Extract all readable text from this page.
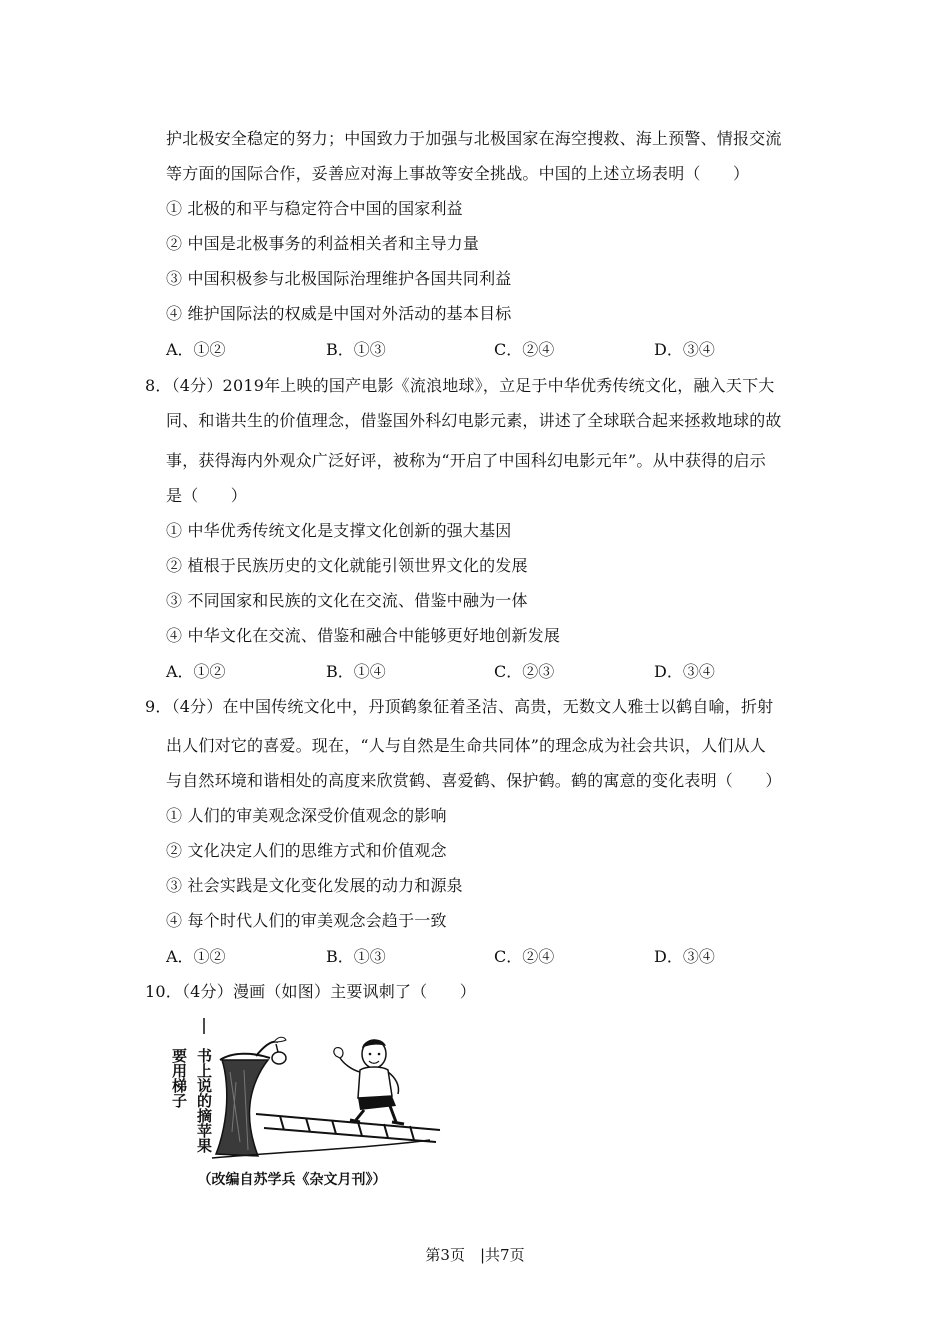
护北极安全稳定的努力；中国致力于加强与北极国家在海空搜救、海上预警、情报交流
等方面的国际合作，妥善应对海上事故等安全挑战。中国的上述立场表明（　　）
① 北极的和平与稳定符合中国的国家利益
② 中国是北极事务的利益相关者和主导力量
③ 中国积极参与北极国际治理维护各国共同利益
④ 维护国际法的权威是中国对外活动的基本目标
A．①②	B．①③	C．②④	D．③④
8．（4分）2019年上映的国产电影《流浪地球》，立足于中华优秀传统文化，融入天下大
同、和谐共生的价值理念，借鉴国外科幻电影元素，讲述了全球联合起来拯救地球的故
事，获得海内外观众广泛好评，被称为“开启了中国科幻电影元年”。从中获得的启示
是（　　）
① 中华优秀传统文化是支撑文化创新的强大基因
② 植根于民族历史的文化就能引领世界文化的发展
③ 不同国家和民族的文化在交流、借鉴中融为一体
④ 中华文化在交流、借鉴和融合中能够更好地创新发展
A．①②	B．①④	C．②③	D．③④
9．（4分）在中国传统文化中，丹顶鹤象征着圣洁、高贵，无数文人雅士以鹤自喻，折射
出人们对它的喜爱。现在，“人与自然是生命共同体”的理念成为社会共识，人们从人
与自然环境和谐相处的高度来欣赏鹤、喜爱鹤、保护鹤。鹤的寓意的变化表明（　　）
① 人们的审美观念深受价值观念的影响
② 文化决定人们的思维方式和价值观念
③ 社会实践是文化变化发展的动力和源泉
④ 每个时代人们的审美观念会趋于一致
A．①②	B．①③	C．②④	D．③④
10．（4分）漫画（如图）主要讽刺了（　　）
书上说的摘苹果
要用梯子
（改编自苏学兵《杂文月刊》）
第3页　|共7页
